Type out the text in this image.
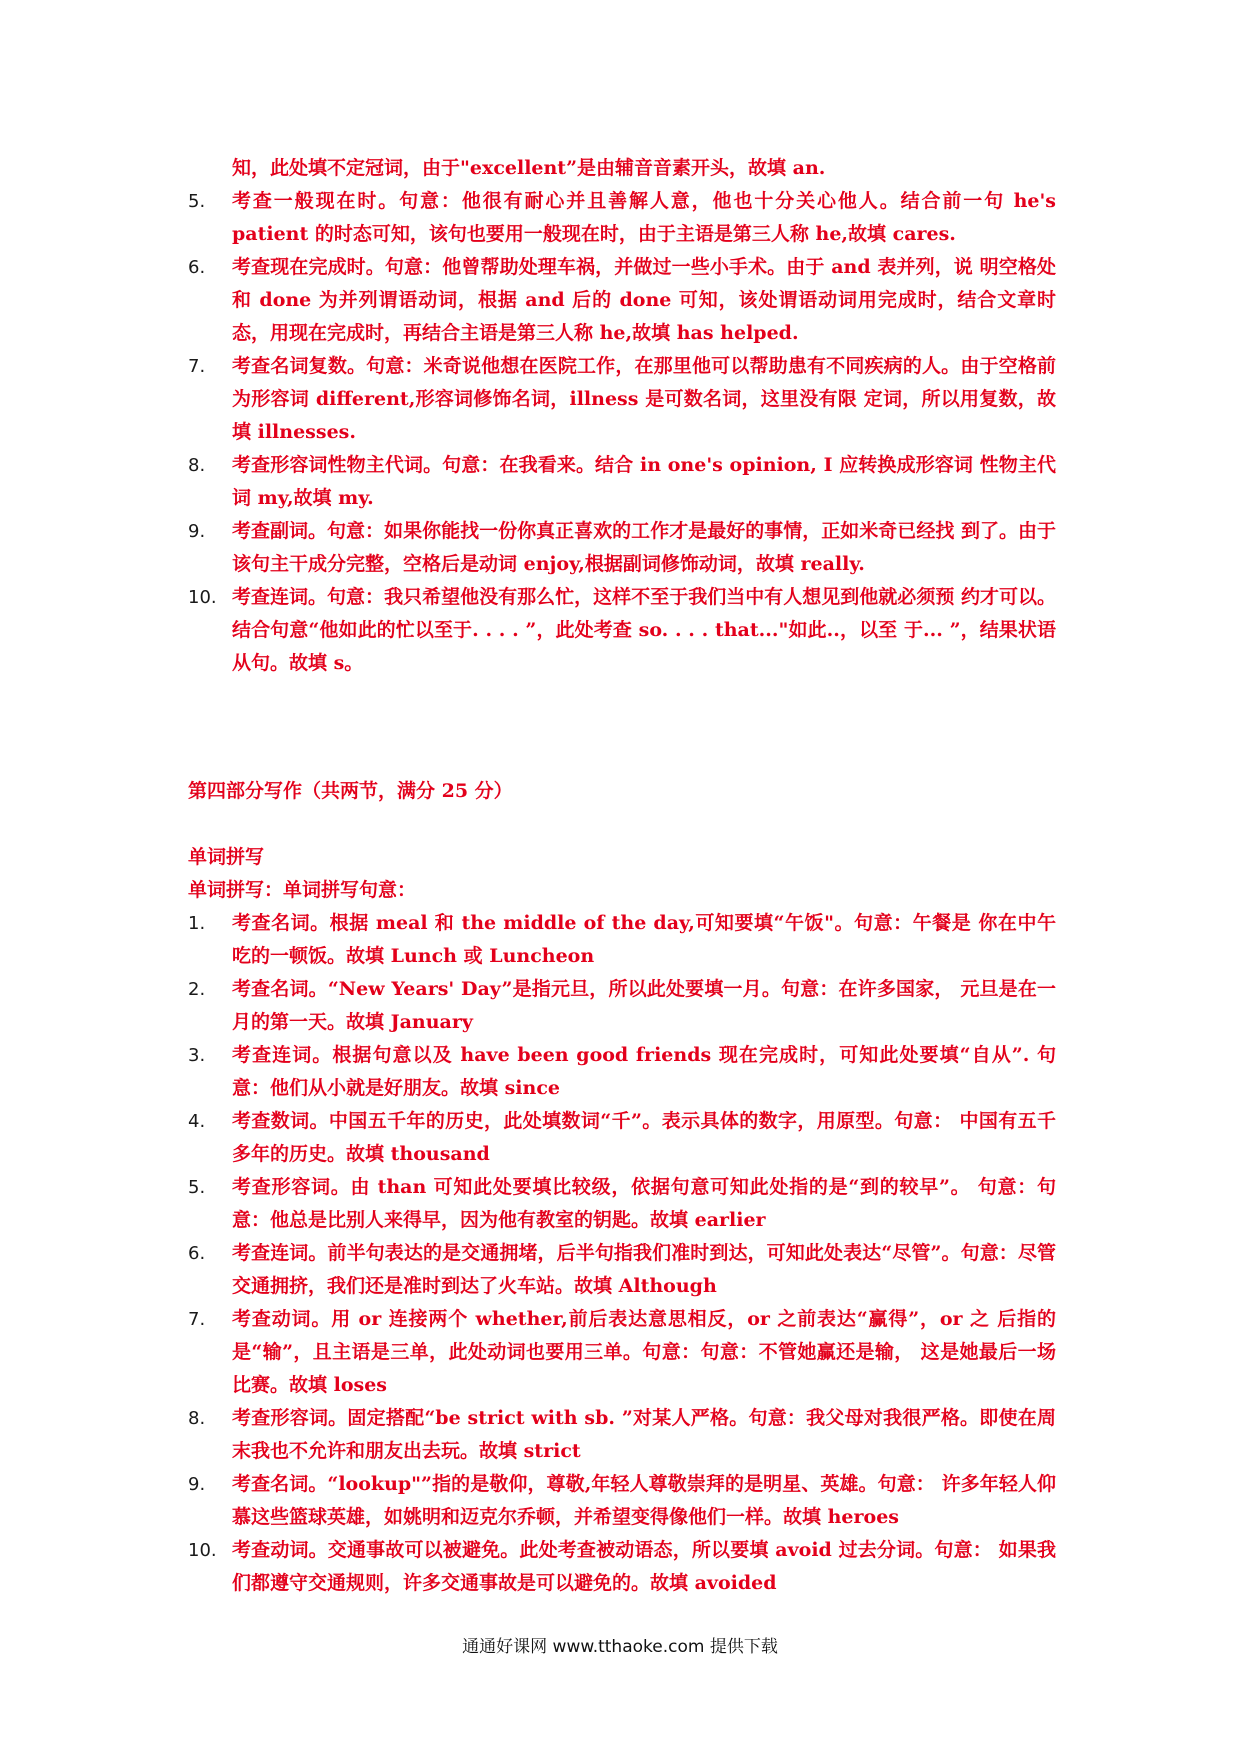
知，此处填不定冠词，由于"excellent”是由辅音音素开头，故填 an.
5.	考查一般现在时。句意：他很有耐心并且善解人意，他也十分关心他人。结合前一句 he's patient 的时态可知，该句也要用一般现在时，由于主语是第三人称 he,故填 cares.
6.	考查现在完成时。句意：他曾帮助处理车祸，并做过一些小手术。由于 and 表并列，说 明空格处和 done 为并列谓语动词，根据 and 后的 done 可知，该处谓语动词用完成时，结合文章时态，用现在完成时，再结合主语是第三人称 he,故填 has helped.
7.	考查名词复数。句意：米奇说他想在医院工作，在那里他可以帮助患有不同疾病的人。由于空格前为形容词 different,形容词修饰名词，illness 是可数名词，这里没有限 定词，所以用复数，故填 illnesses.
8.	考查形容词性物主代词。句意：在我看来。结合 in one's opinion, I 应转换成形容词 性物主代词 my,故填 my.
9.	考查副词。句意：如果你能找一份你真正喜欢的工作才是最好的事情，正如米奇已经找 到了。由于该句主干成分完整，空格后是动词 enjoy,根据副词修饰动词，故填 really.
10. 考查连词。句意：我只希望他没有那么忙，这样不至于我们当中有人想见到他就必须预 约才可以。结合句意“他如此的忙以至于. . . . ”，此处考查 so. . . . that..."如此..，以至 于... ”，结果状语从句。故填 s。
第四部分写作（共两节，满分 25 分）
单词拼写
单词拼写：单词拼写句意：
1.	考查名词。根据 meal 和 the middle of the day,可知要填“午饭"。句意：午餐是 你在中午吃的一顿饭。故填 Lunch 或 Luncheon
2.	考查名词。“New Years' Day”是指元旦，所以此处要填一月。句意：在许多国家， 元旦是在一月的第一天。故填 January
3.	考查连词。根据句意以及 have been good friends 现在完成时，可知此处要填“自从”. 句意：他们从小就是好朋友。故填 since
4.	考查数词。中国五千年的历史，此处填数词“千”。表示具体的数字，用原型。句意： 中国有五千多年的历史。故填 thousand
5.	考查形容词。由 than 可知此处要填比较级，依据句意可知此处指的是“到的较早”。 句意：句意：他总是比别人来得早，因为他有教室的钥匙。故填 earlier
6.	考查连词。前半句表达的是交通拥堵，后半句指我们准时到达，可知此处表达“尽管”。句意：尽管交通拥挤，我们还是准时到达了火车站。故填 Although
7.	考查动词。用 or 连接两个 whether,前后表达意思相反，or 之前表达“赢得”，or 之 后指的是“输”，且主语是三单，此处动词也要用三单。句意：句意：不管她赢还是输， 这是她最后一场比赛。故填 loses
8.	考查形容词。固定搭配“be strict with sb. ”对某人严格。句意：我父母对我很严格。即使在周末我也不允许和朋友出去玩。故填 strict
9.	考查名词。“lookup"”指的是敬仰，尊敬,年轻人尊敬崇拜的是明星、英雄。句意： 许多年轻人仰慕这些篮球英雄，如姚明和迈克尔乔顿，并希望变得像他们一样。故填 heroes
10. 考查动词。交通事故可以被避免。此处考查被动语态，所以要填 avoid 过去分词。句意： 如果我们都遵守交通规则，许多交通事故是可以避免的。故填 avoided
通通好课网 www.tthaoke.com 提供下载
